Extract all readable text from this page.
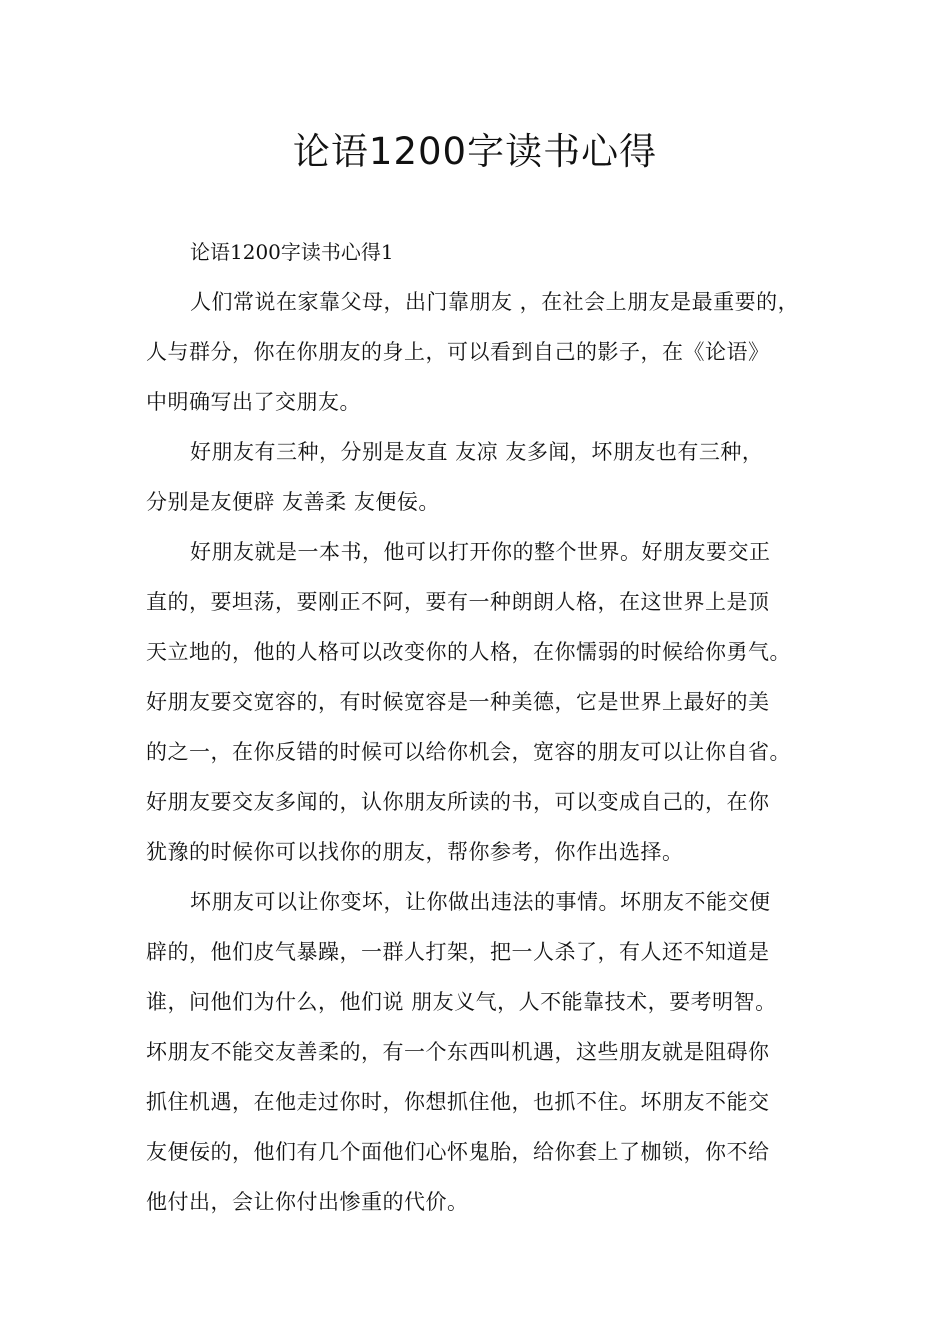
论语1200字读书心得
论语1200字读书心得1
人们常说在家靠父母，出门靠朋友 ，在社会上朋友是最重要的，
人与群分，你在你朋友的身上，可以看到自己的影子，在《论语》
中明确写出了交朋友。
好朋友有三种，分别是友直 友凉 友多闻，坏朋友也有三种，
分别是友便辟 友善柔 友便佞。
好朋友就是一本书，他可以打开你的整个世界。好朋友要交正
直的，要坦荡，要刚正不阿，要有一种朗朗人格，在这世界上是顶
天立地的，他的人格可以改变你的人格，在你懦弱的时候给你勇气。
好朋友要交宽容的，有时候宽容是一种美德，它是世界上最好的美
的之一，在你反错的时候可以给你机会，宽容的朋友可以让你自省。
好朋友要交友多闻的，认你朋友所读的书，可以变成自己的，在你
犹豫的时候你可以找你的朋友，帮你参考，你作出选择。
坏朋友可以让你变坏，让你做出违法的事情。坏朋友不能交便
辟的，他们皮气暴躁，一群人打架，把一人杀了，有人还不知道是
谁，问他们为什么，他们说 朋友义气，人不能靠技术，要考明智。
坏朋友不能交友善柔的，有一个东西叫机遇，这些朋友就是阻碍你
抓住机遇，在他走过你时，你想抓住他，也抓不住。坏朋友不能交
友便佞的，他们有几个面他们心怀鬼胎，给你套上了枷锁，你不给
他付出，会让你付出惨重的代价。
